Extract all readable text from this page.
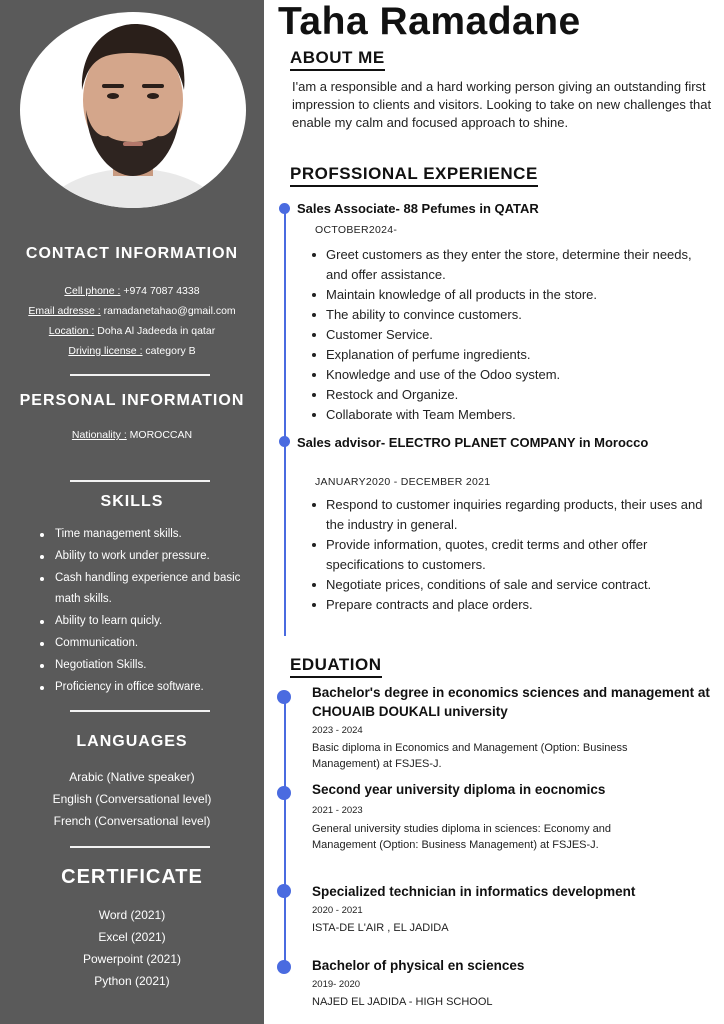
CONTACT INFORMATION
Cell phone : +974 7087 4338
Email adresse : ramadanetahao@gmail.com
Location : Doha Al Jadeeda in qatar
Driving license : category B
PERSONAL INFORMATION
Nationality : MOROCCAN
SKILLS
Time management skills.
Ability to work under pressure.
Cash handling experience and basic math skills.
Ability to learn quicly.
Communication.
Negotiation Skills.
Proficiency in office software.
LANGUAGES
Arabic (Native speaker)
English (Conversational level)
French (Conversational level)
CERTIFICATE
Word (2021)
Excel (2021)
Powerpoint (2021)
Python (2021)
Taha Ramadane
ABOUT ME
I'am a responsible and a hard working person giving an outstanding first impression to clients and visitors. Looking to take on new challenges that enable my calm and focused approach to shine.
PROFSSIONAL EXPERIENCE
Sales Associate- 88 Pefumes in QATAR
OCTOBER2024-
Greet customers as they enter the store, determine their needs, and offer assistance.
Maintain knowledge of all products in the store.
The ability to convince customers.
Customer Service.
Explanation of perfume ingredients.
Knowledge and use of the Odoo system.
Restock and Organize.
Collaborate with Team Members.
Sales advisor- ELECTRO PLANET COMPANY in Morocco
JANUARY2020 - DECEMBER 2021
Respond to customer inquiries regarding products, their uses and the industry in general.
Provide information, quotes, credit terms and other offer specifications to customers.
Negotiate prices, conditions of sale and service contract.
Prepare contracts and place orders.
EDUATION
Bachelor's degree in economics sciences and management at CHOUAIB DOUKALI university
2023 - 2024
Basic diploma in Economics and Management (Option: Business Management) at FSJES-J.
Second year university diploma in eocnomics
2021 - 2023
General university studies diploma in sciences: Economy and Management (Option: Business Management) at FSJES-J.
Specialized technician in informatics development
2020 - 2021
ISTA-DE L'AIR , EL JADIDA
Bachelor of physical en sciences
2019- 2020
NAJED EL JADIDA - HIGH SCHOOL
